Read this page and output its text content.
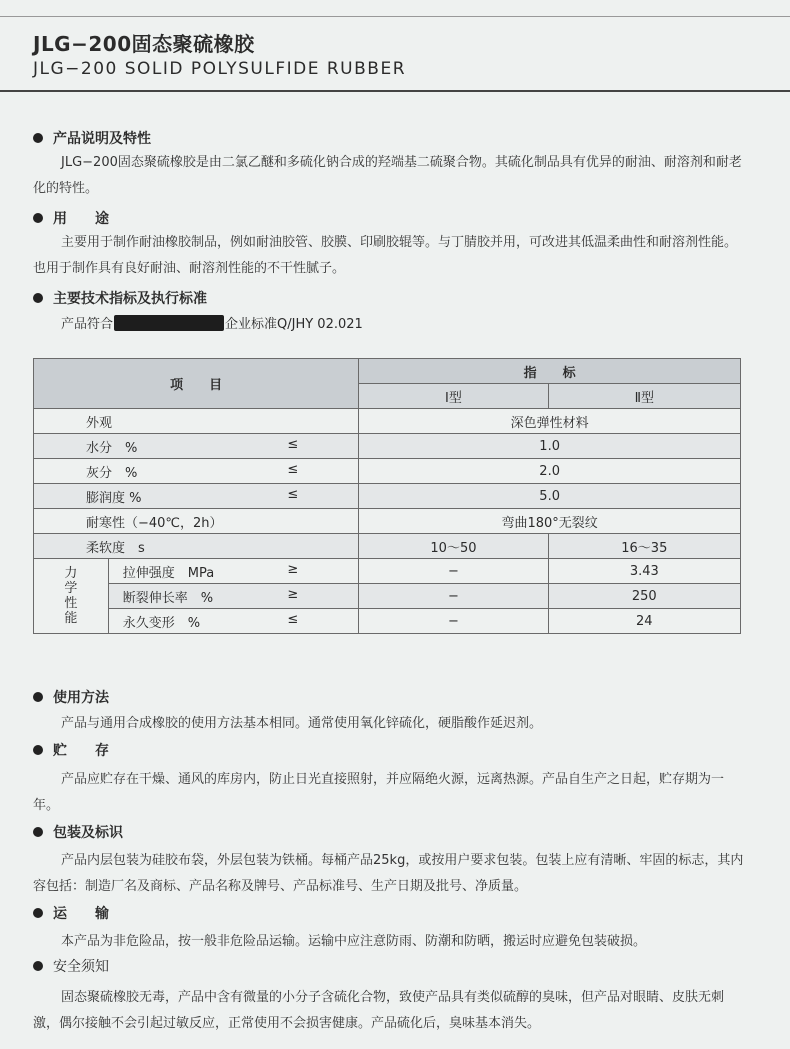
JLG−200固态聚硫橡胶
JLG−200 SOLID POLYSULFIDE RUBBER
产品说明及特性
JLG−200固态聚硫橡胶是由二氯乙醚和多硫化钠合成的羟端基二硫聚合物。其硫化制品具有优异的耐油、耐溶剂和耐老化的特性。
用　　途
主要用于制作耐油橡胶制品，例如耐油胶管、胶膜、印刷胶辊等。与丁腈胶并用，可改进其低温柔曲性和耐溶剂性能。也用于制作具有良好耐油、耐溶剂性能的不干性腻子。
主要技术指标及执行标准
产品符合	企业标准Q/JHY 02.021
项　　目		指　　标	
		Ⅰ型	Ⅱ型
外观		深色弹性材料	

水分　% ≤		1.0	

灰分　% ≤		2.0	

膨润度 % ≤		5.0	
耐寒性（−40℃，2h）		弯曲180°无裂纹	
柔软度　s		10～50	16～35

力
学
性
能	拉伸强度　MPa ≥	−	3.43

	断裂伸长率　% ≥	−	250

	永久变形　% ≤	−	24
使用方法
产品与通用合成橡胶的使用方法基本相同。通常使用氧化锌硫化，硬脂酸作延迟剂。
贮　　存
产品应贮存在干燥、通风的库房内，防止日光直接照射，并应隔绝火源，远离热源。产品自生产之日起，贮存期为一年。
包装及标识
产品内层包装为硅胶布袋，外层包装为铁桶。每桶产品25kg，或按用户要求包装。包装上应有清晰、牢固的标志，其内容包括：制造厂名及商标、产品名称及牌号、产品标准号、生产日期及批号、净质量。
运　　输
本产品为非危险品，按一般非危险品运输。运输中应注意防雨、防潮和防晒，搬运时应避免包装破损。
安全须知
固态聚硫橡胶无毒，产品中含有微量的小分子含硫化合物，致使产品具有类似硫醇的臭味，但产品对眼睛、皮肤无刺激，偶尔接触不会引起过敏反应，正常使用不会损害健康。产品硫化后，臭味基本消失。
